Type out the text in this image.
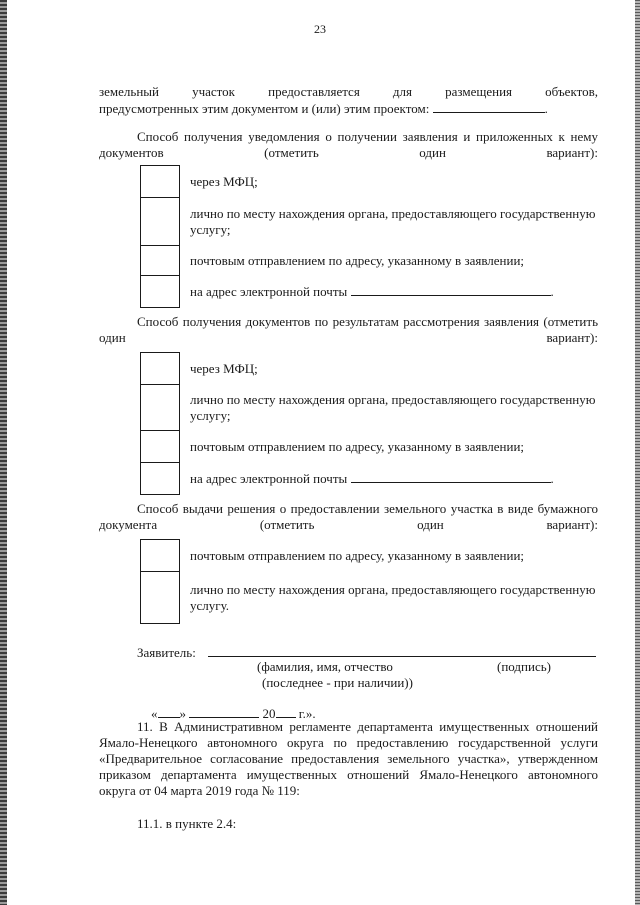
23
земельный участок предоставляется для размещения объектов,
предусмотренных этим документом и (или) этим проектом:	.
Способ получения уведомления о получении заявления и приложенных к нему документов (отметить один вариант):
	через МФЦ;
	лично по месту нахождения органа, предоставляющего государственную услугу;
	почтовым отправлением по адресу, указанному в заявлении;
	на адрес электронной почты .
Способ получения документов по результатам рассмотрения заявления (отметить один вариант):
	через МФЦ;
	лично по месту нахождения органа, предоставляющего государственную услугу;
	почтовым отправлением по адресу, указанному в заявлении;
	на адрес электронной почты .
Способ выдачи решения о предоставлении земельного участка в виде бумажного документа (отметить один вариант):
	почтовым отправлением по адресу, указанному в заявлении;
	лично по месту нахождения органа, предоставляющего государственную услугу.
Заявитель:
(фамилия, имя, отчество	(подпись)
(последнее - при наличии))
« »	20 г.».
11. В Административном регламенте департамента имущественных отношений Ямало-Ненецкого автономного округа по предоставлению государственной услуги «Предварительное согласование предоставления земельного участка», утвержденном приказом департамента имущественных отношений Ямало-Ненецкого автономного округа от 04 марта 2019 года № 119:
11.1. в пункте 2.4:
